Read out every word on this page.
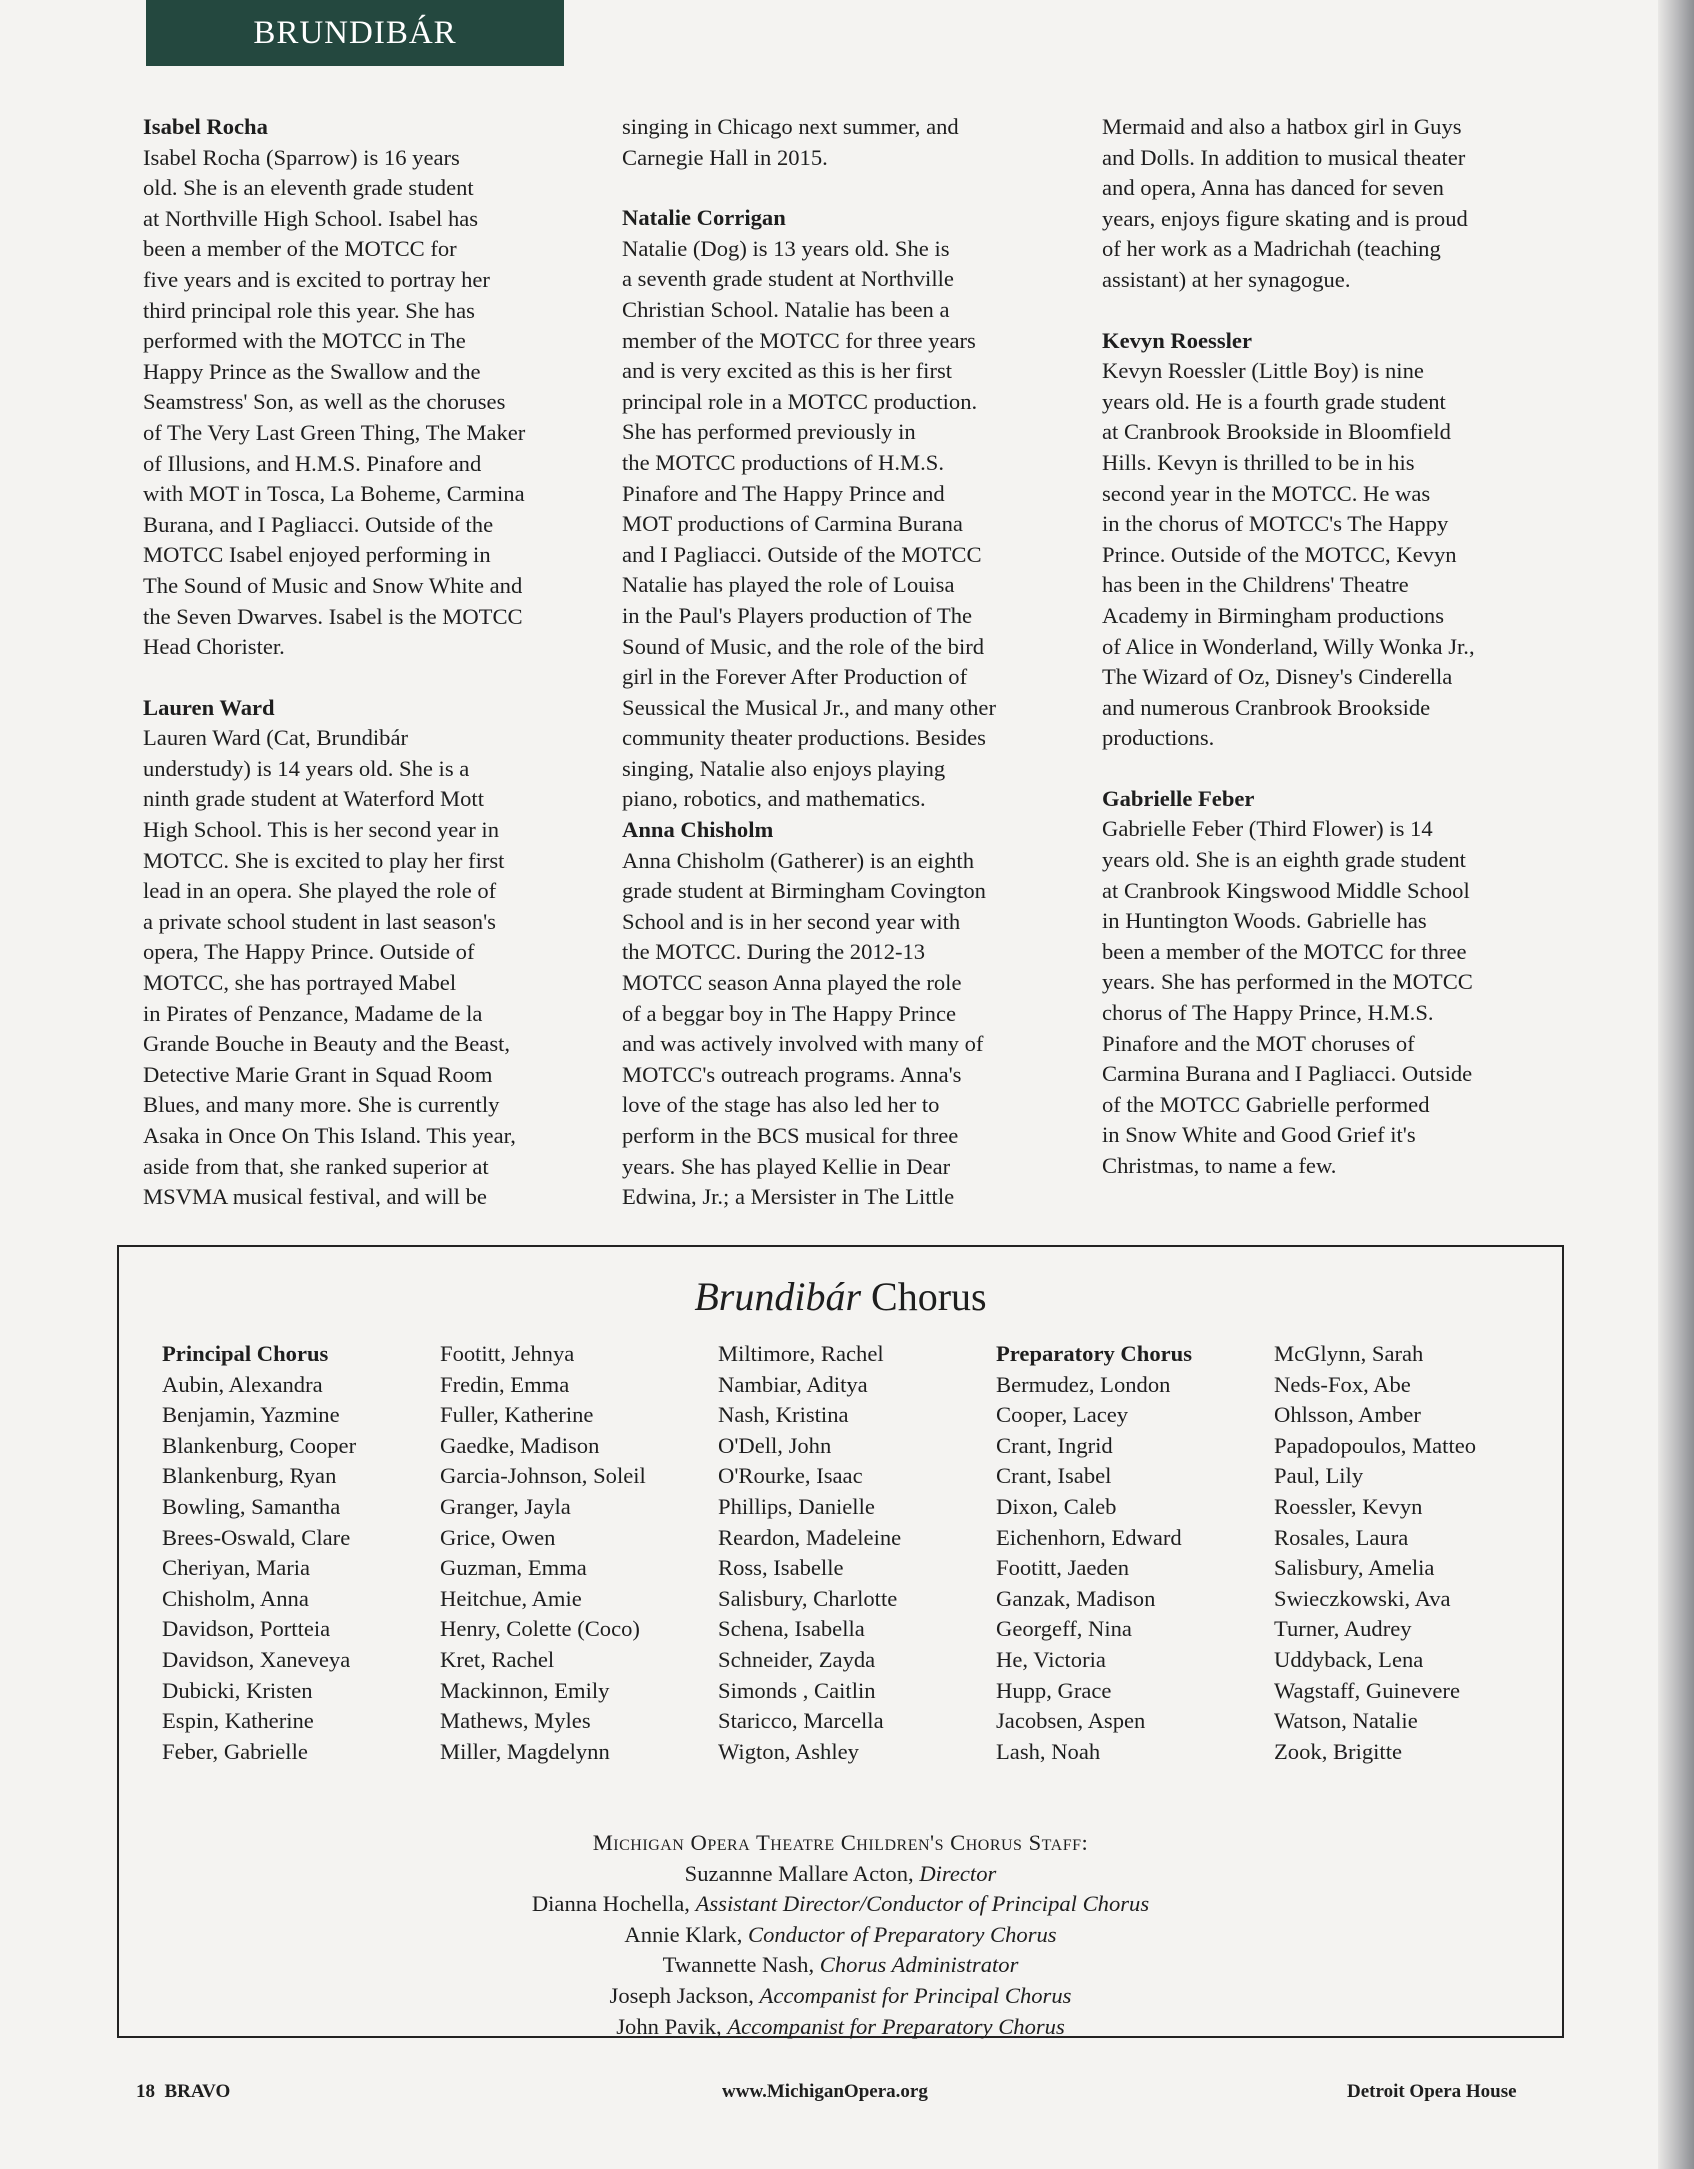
BRUNDIBÁR
Isabel Rocha

Isabel Rocha (Sparrow) is 16 years
old. She is an eleventh grade student
at Northville High School. Isabel has
been a member of the MOTCC for
five years and is excited to portray her
third principal role this year. She has
performed with the MOTCC in The
Happy Prince as the Swallow and the
Seamstress' Son, as well as the choruses
of The Very Last Green Thing, The Maker
of Illusions, and H.M.S. Pinafore and
with MOT in Tosca, La Boheme, Carmina
Burana, and I Pagliacci. Outside of the
MOTCC Isabel enjoyed performing in
The Sound of Music and Snow White and
the Seven Dwarves. Isabel is the MOTCC
Head Chorister.

Lauren Ward

Lauren Ward (Cat, Brundibár
understudy) is 14 years old. She is a
ninth grade student at Waterford Mott
High School. This is her second year in
MOTCC. She is excited to play her first
lead in an opera. She played the role of
a private school student in last season's
opera, The Happy Prince. Outside of
MOTCC, she has portrayed Mabel
in Pirates of Penzance, Madame de la
Grande Bouche in Beauty and the Beast,
Detective Marie Grant in Squad Room
Blues, and many more. She is currently
Asaka in Once On This Island. This year,
aside from that, she ranked superior at
MSVMA musical festival, and will be

singing in Chicago next summer, and
Carnegie Hall in 2015.

Natalie Corrigan

Natalie (Dog) is 13 years old. She is
a seventh grade student at Northville
Christian School. Natalie has been a
member of the MOTCC for three years
and is very excited as this is her first
principal role in a MOTCC production.
She has performed previously in
the MOTCC productions of H.M.S.
Pinafore and The Happy Prince and
MOT productions of Carmina Burana
and I Pagliacci. Outside of the MOTCC
Natalie has played the role of Louisa
in the Paul's Players production of The
Sound of Music, and the role of the bird
girl in the Forever After Production of
Seussical the Musical Jr., and many other
community theater productions. Besides
singing, Natalie also enjoys playing
piano, robotics, and mathematics.

Anna Chisholm

Anna Chisholm (Gatherer) is an eighth
grade student at Birmingham Covington
School and is in her second year with
the MOTCC. During the 2012-13
MOTCC season Anna played the role
of a beggar boy in The Happy Prince
and was actively involved with many of
MOTCC's outreach programs. Anna's
love of the stage has also led her to
perform in the BCS musical for three
years. She has played Kellie in Dear
Edwina, Jr.; a Mersister in The Little

Mermaid and also a hatbox girl in Guys
and Dolls. In addition to musical theater
and opera, Anna has danced for seven
years, enjoys figure skating and is proud
of her work as a Madrichah (teaching
assistant) at her synagogue.

Kevyn Roessler

Kevyn Roessler (Little Boy) is nine
years old. He is a fourth grade student
at Cranbrook Brookside in Bloomfield
Hills. Kevyn is thrilled to be in his
second year in the MOTCC. He was
in the chorus of MOTCC's The Happy
Prince. Outside of the MOTCC, Kevyn
has been in the Childrens' Theatre
Academy in Birmingham productions
of Alice in Wonderland, Willy Wonka Jr.,
The Wizard of Oz, Disney's Cinderella
and numerous Cranbrook Brookside
productions.

Gabrielle Feber

Gabrielle Feber (Third Flower) is 14
years old. She is an eighth grade student
at Cranbrook Kingswood Middle School
in Huntington Woods. Gabrielle has
been a member of the MOTCC for three
years. She has performed in the MOTCC
chorus of The Happy Prince, H.M.S.
Pinafore and the MOT choruses of
Carmina Burana and I Pagliacci. Outside
of the MOTCC Gabrielle performed
in Snow White and Good Grief it's
Christmas, to name a few.

Brundibár Chorus
Principal Chorus
Aubin, Alexandra
Benjamin, Yazmine
Blankenburg, Cooper
Blankenburg, Ryan
Bowling, Samantha
Brees-Oswald, Clare
Cheriyan, Maria
Chisholm, Anna
Davidson, Portteia
Davidson, Xaneveya
Dubicki, Kristen
Espin, Katherine
Feber, Gabrielle
Footitt, Jehnya
Fredin, Emma
Fuller, Katherine
Gaedke, Madison
Garcia-Johnson, Soleil
Granger, Jayla
Grice, Owen
Guzman, Emma
Heitchue, Amie
Henry, Colette (Coco)
Kret, Rachel
Mackinnon, Emily
Mathews, Myles
Miller, Magdelynn
Miltimore, Rachel
Nambiar, Aditya
Nash, Kristina
O'Dell, John
O'Rourke, Isaac
Phillips, Danielle
Reardon, Madeleine
Ross, Isabelle
Salisbury, Charlotte
Schena, Isabella
Schneider, Zayda
Simonds , Caitlin
Staricco, Marcella
Wigton, Ashley
Preparatory Chorus
Bermudez, London
Cooper, Lacey
Crant, Ingrid
Crant, Isabel
Dixon, Caleb
Eichenhorn, Edward
Footitt, Jaeden
Ganzak, Madison
Georgeff, Nina
He, Victoria
Hupp, Grace
Jacobsen, Aspen
Lash, Noah
McGlynn, Sarah
Neds-Fox, Abe
Ohlsson, Amber
Papadopoulos, Matteo
Paul, Lily
Roessler, Kevyn
Rosales, Laura
Salisbury, Amelia
Swieczkowski, Ava
Turner, Audrey
Uddyback, Lena
Wagstaff, Guinevere
Watson, Natalie
Zook, Brigitte
Michigan Opera Theatre Children's Chorus Staff:
Suzannne Mallare Acton, Director
Dianna Hochella, Assistant Director/Conductor of Principal Chorus
Annie Klark, Conductor of Preparatory Chorus
Twannette Nash, Chorus Administrator
Joseph Jackson, Accompanist for Principal Chorus
John Pavik, Accompanist for Preparatory Chorus
18  BRAVO	www.MichiganOpera.org	Detroit Opera House
